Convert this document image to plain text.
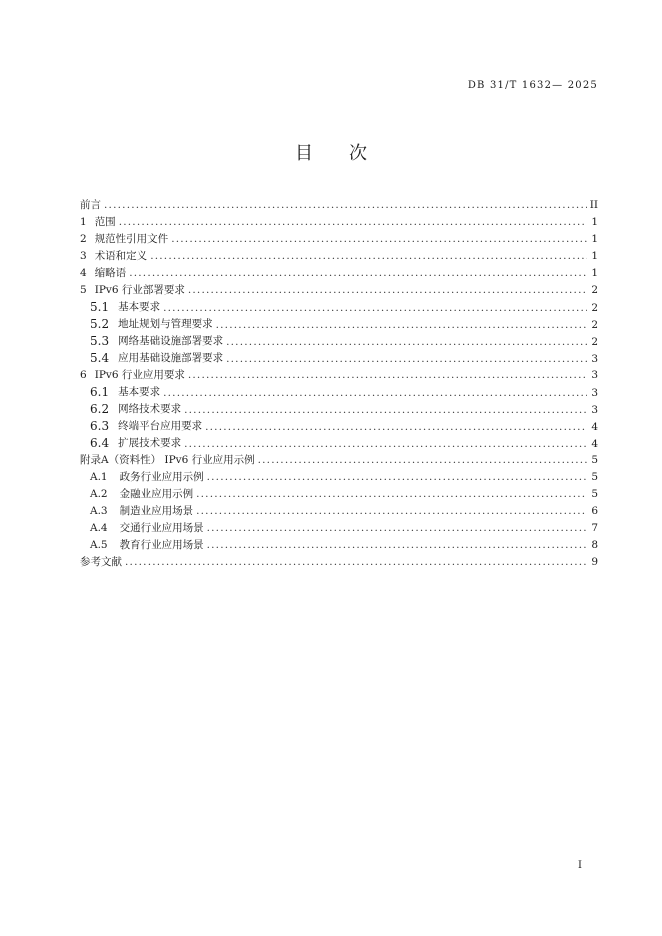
DB 31/T 1632— 2025
目次
前言 .....	II
1 范围 .....	1
2 规范性引用文件 .....	1
3 术语和定义 .....	1
4 缩略语 .....	1
5 IPv6 行业部署要求 .....	2
5.1 基本要求 .....	2
5.2 地址规划与管理要求 .....	2
5.3 网络基础设施部署要求 .....	2
5.4 应用基础设施部署要求 .....	3
6 IPv6 行业应用要求 .....	3
6.1 基本要求 .....	3
6.2 网络技术要求 .....	3
6.3 终端平台应用要求 .....	4
6.4 扩展技术要求 .....	4
附录A（资料性） IPv6 行业应用示例 .....	5
A.1 政务行业应用示例 .....	5
A.2 金融业应用示例 .....	5
A.3 制造业应用场景 .....	6
A.4 交通行业应用场景 .....	7
A.5 教育行业应用场景 .....	8
参考文献 .....	9
I
